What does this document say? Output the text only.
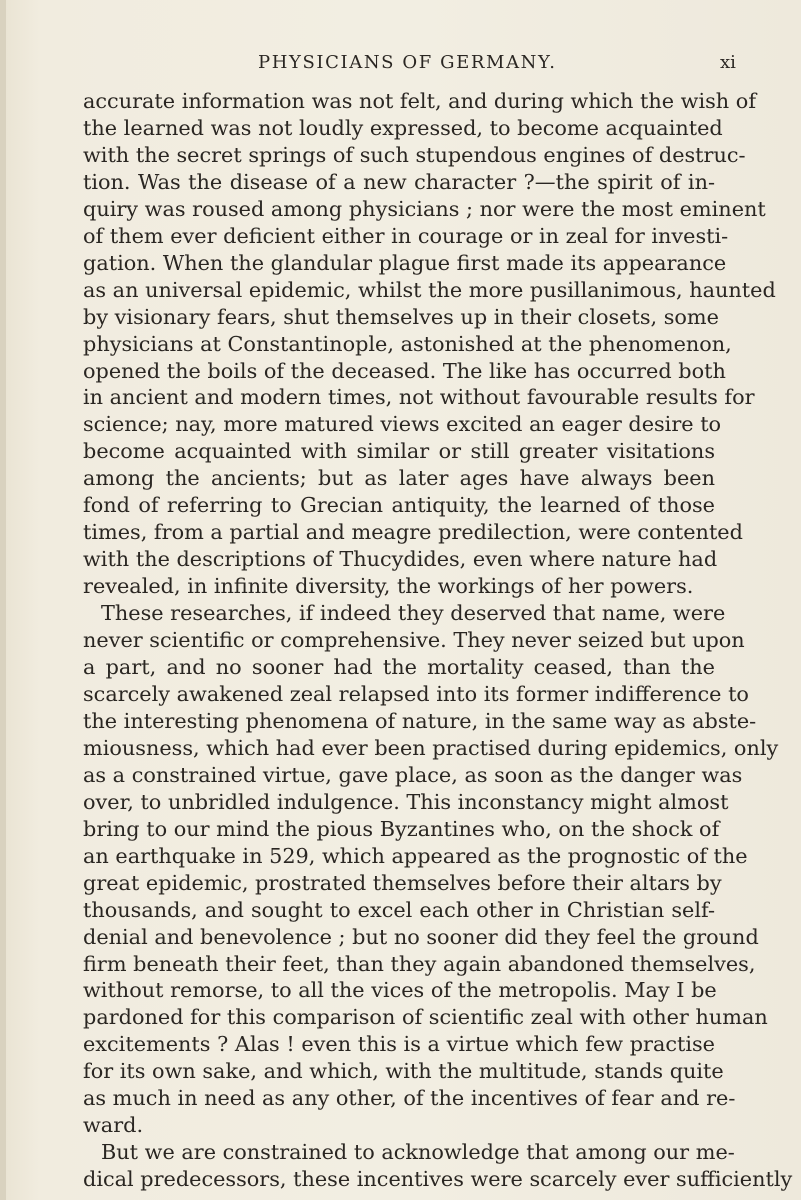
PHYSICIANS OF GERMANY.	xi
accurate information was not felt, and during which the wish of
the learned was not loudly expressed, to become acquainted
with the secret springs of such stupendous engines of destruc-
tion. Was the disease of a new character ?—the spirit of in-
quiry was roused among physicians ; nor were the most eminent
of them ever deficient either in courage or in zeal for investi-
gation. When the glandular plague first made its appearance
as an universal epidemic, whilst the more pusillanimous, haunted
by visionary fears, shut themselves up in their closets, some
physicians at Constantinople, astonished at the phenomenon,
opened the boils of the deceased. The like has occurred both
in ancient and modern times, not without favourable results for
science; nay, more matured views excited an eager desire to
become acquainted with similar or still greater visitations
among the ancients; but as later ages have always been
fond of referring to Grecian antiquity, the learned of those
times, from a partial and meagre predilection, were contented
with the descriptions of Thucydides, even where nature had
revealed, in infinite diversity, the workings of her powers.
These researches, if indeed they deserved that name, were
never scientific or comprehensive. They never seized but upon
a part, and no sooner had the mortality ceased, than the
scarcely awakened zeal relapsed into its former indifference to
the interesting phenomena of nature, in the same way as abste-
miousness, which had ever been practised during epidemics, only
as a constrained virtue, gave place, as soon as the danger was
over, to unbridled indulgence. This inconstancy might almost
bring to our mind the pious Byzantines who, on the shock of
an earthquake in 529, which appeared as the prognostic of the
great epidemic, prostrated themselves before their altars by
thousands, and sought to excel each other in Christian self-
denial and benevolence ; but no sooner did they feel the ground
firm beneath their feet, than they again abandoned themselves,
without remorse, to all the vices of the metropolis. May I be
pardoned for this comparison of scientific zeal with other human
excitements ? Alas ! even this is a virtue which few practise
for its own sake, and which, with the multitude, stands quite
as much in need as any other, of the incentives of fear and re-
ward.
But we are constrained to acknowledge that among our me-
dical predecessors, these incentives were scarcely ever sufficiently
